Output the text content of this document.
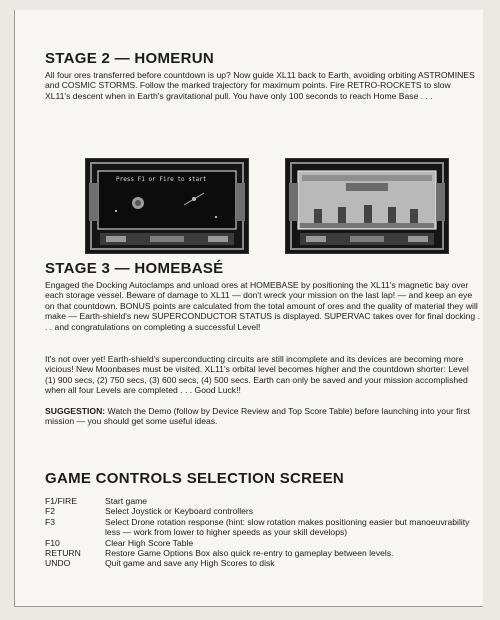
STAGE 2 — HOMERUN

All four ores transferred before countdown is up? Now guide XL11 back to Earth, avoiding orbiting ASTROMINES and COSMIC STORMS. Follow the marked trajectory for maximum points. Fire RETRO-ROCKETS to slow XL11's descent when in Earth's gravitational pull. You have only 100 seconds to reach Home Base . . .

Press F1 or Fire to start
STAGE 3 — HOMEBASÉ

Engaged the Docking Autoclamps and unload ores at HOMEBASE by positioning the XL11's magnetic bay over each storage vessel. Beware of damage to XL11 — don't wreck your mission on the last lap! — and keep an eye on that countdown. BONUS points are calculated from the total amount of ores and the quality of material they will make — Earth-shield's new SUPERCONDUCTOR STATUS is displayed. SUPERVAC takes over for final docking . . . and congratulations on completing a successful Level!

It's not over yet! Earth-shield's superconducting circuits are still incomplete and its devices are becoming more vicious! New Moonbases must be visited. XL11's orbital level becomes higher and the countdown shorter: Level (1) 900 secs, (2) 750 secs, (3) 600 secs, (4) 500 secs. Earth can only be saved and your mission accomplished when all four Levels are completed . . . Good Luck!!

SUGGESTION: Watch the Demo (follow by Device Review and Top Score Table) before launching into your first mission — you should get some useful ideas.

GAME CONTROLS SELECTION SCREEN
F1/FIRE	Start game
F2	Select Joystick or Keyboard controllers
F3	Select Drone rotation response (hint: slow rotation makes positioning easier but manoeuvrability less — work from lower to higher speeds as your skill develops)
F10	Clear High Score Table
RETURN	Restore Game Options Box also quick re-entry to gameplay between levels.
UNDO	Quit game and save any High Scores to disk
